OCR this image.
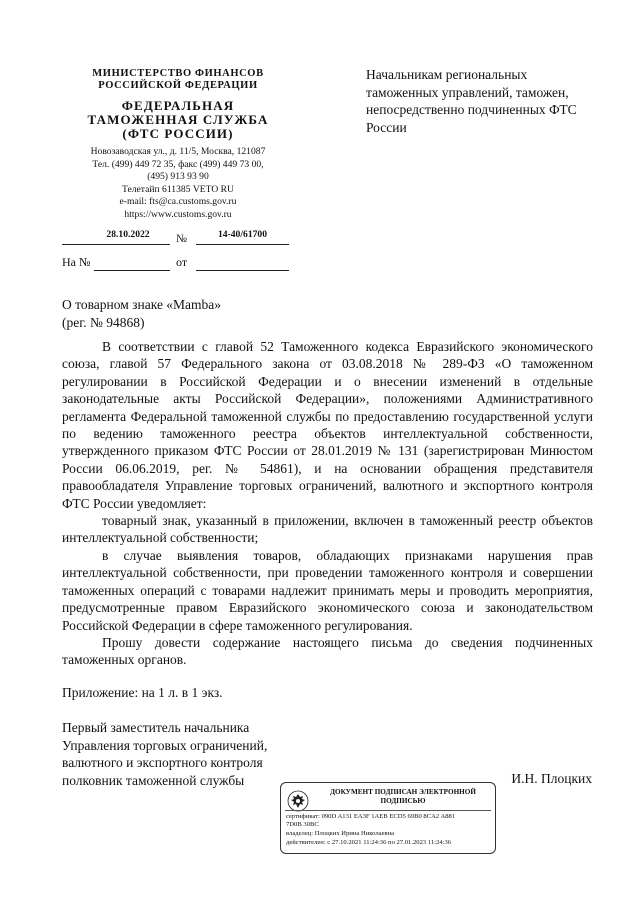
МИНИСТЕРСТВО ФИНАНСОВ
РОССИЙСКОЙ ФЕДЕРАЦИИ
ФЕДЕРАЛЬНАЯ
ТАМОЖЕННАЯ СЛУЖБА
(ФТС РОССИИ)
Новозаводская ул., д. 11/5, Москва, 121087
Тел. (499) 449 72 35, факс (499) 449 73 00,
(495) 913 93 90
Телетайп 611385 VETO RU
e-mail: fts@ca.customs.gov.ru
https://www.customs.gov.ru
28.10.2022	№	14-40/61700
На №	от
Начальникам региональных таможенных управлений, таможен, непосредственно подчиненных ФТС России
О товарном знаке «Mamba»
(рег. № 94868)

В соответствии с главой 52 Таможенного кодекса Евразийского экономического союза, главой 57 Федерального закона от 03.08.2018 № 289-ФЗ «О таможенном регулировании в Российской Федерации и о внесении изменений в отдельные законодательные акты Российской Федерации», положениями Административного регламента Федеральной таможенной службы по предоставлению государственной услуги по ведению таможенного реестра объектов интеллектуальной собственности, утвержденного приказом ФТС России от 28.01.2019 № 131 (зарегистрирован Минюстом России 06.06.2019, рег. № 54861), и на основании обращения представителя правообладателя Управление торговых ограничений, валютного и экспортного контроля ФТС России уведомляет:

товарный знак, указанный в приложении, включен в таможенный реестр объектов интеллектуальной собственности;

в случае выявления товаров, обладающих признаками нарушения прав интеллектуальной собственности, при проведении таможенного контроля и совершении таможенных операций с товарами надлежит принимать меры и проводить мероприятия, предусмотренные правом Евразийского экономического союза и законодательством Российской Федерации в сфере таможенного регулирования.

Прошу довести содержание настоящего письма до сведения подчиненных таможенных органов.

Приложение: на 1 л. в 1 экз.
Первый заместитель начальника
Управления торговых ограничений,
валютного и экспортного контроля
полковник таможенной службы	И.Н. Плоцких
ДОКУМЕНТ ПОДПИСАН ЭЛЕКТРОННОЙ
ПОДПИСЬЮ
сертификат: 090D A131 EA3F 1AEB ECD5 69B0 8CA2 A881
7D0B 30BC
владелец: Плоцких Ирина Николаевна
действителен: с 27.10.2021 11:24:36 по 27.01.2023 11:24:36
